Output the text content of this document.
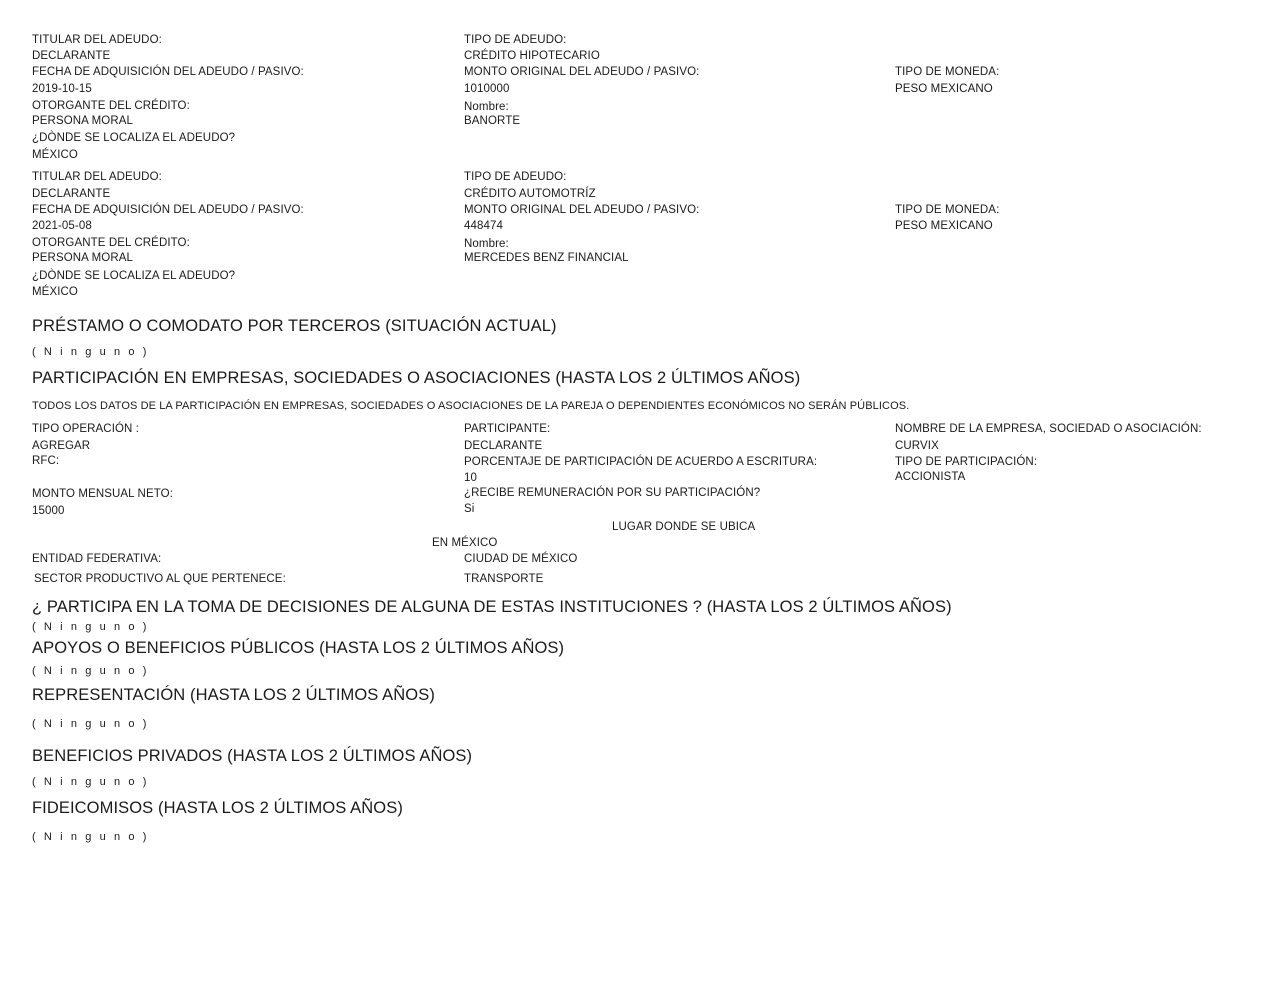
TITULAR DEL ADEUDO:
DECLARANTE
FECHA DE ADQUISICIÓN DEL ADEUDO / PASIVO:
2019-10-15
OTORGANTE DEL CRÉDITO:
PERSONA MORAL
¿DÒNDE SE LOCALIZA EL ADEUDO?
MÉXICO
TIPO DE ADEUDO:
CRÉDITO HIPOTECARIO
MONTO ORIGINAL DEL ADEUDO / PASIVO:
1010000
Nombre:
BANORTE
TIPO DE MONEDA:
PESO MEXICANO
TITULAR DEL ADEUDO:
DECLARANTE
FECHA DE ADQUISICIÓN DEL ADEUDO / PASIVO:
2021-05-08
OTORGANTE DEL CRÉDITO:
PERSONA MORAL
¿DÒNDE SE LOCALIZA EL ADEUDO?
MÉXICO
TIPO DE ADEUDO:
CRÉDITO AUTOMOTRÍZ
MONTO ORIGINAL DEL ADEUDO / PASIVO:
448474
Nombre:
MERCEDES BENZ FINANCIAL
TIPO DE MONEDA:
PESO MEXICANO
PRÉSTAMO O COMODATO POR TERCEROS (SITUACIÓN ACTUAL)
( N i n g u n o )
PARTICIPACIÓN EN EMPRESAS, SOCIEDADES O ASOCIACIONES (HASTA LOS 2 ÚLTIMOS AÑOS)
TODOS LOS DATOS DE LA PARTICIPACIÓN EN EMPRESAS, SOCIEDADES O ASOCIACIONES DE LA PAREJA O DEPENDIENTES ECONÓMICOS NO SERÁN PÚBLICOS.
TIPO OPERACIÓN :
AGREGAR
RFC:
MONTO MENSUAL NETO:
15000
PARTICIPANTE:
DECLARANTE
PORCENTAJE DE PARTICIPACIÓN DE ACUERDO A ESCRITURA:
10
¿RECIBE REMUNERACIÓN POR SU PARTICIPACIÓN?
Si
NOMBRE DE LA EMPRESA, SOCIEDAD O ASOCIACIÓN:
CURVIX
TIPO DE PARTICIPACIÓN:
ACCIONISTA
LUGAR DONDE SE UBICA
EN MÉXICO
ENTIDAD FEDERATIVA:	CIUDAD DE MÉXICO
SECTOR PRODUCTIVO AL QUE PERTENECE:	TRANSPORTE
¿ PARTICIPA EN LA TOMA DE DECISIONES DE ALGUNA DE ESTAS INSTITUCIONES ? (HASTA LOS 2 ÚLTIMOS AÑOS)
( N i n g u n o )
APOYOS O BENEFICIOS PÚBLICOS (HASTA LOS 2 ÚLTIMOS AÑOS)
( N i n g u n o )
REPRESENTACIÓN (HASTA LOS 2 ÚLTIMOS AÑOS)
( N i n g u n o )
BENEFICIOS PRIVADOS (HASTA LOS 2 ÚLTIMOS AÑOS)
( N i n g u n o )
FIDEICOMISOS (HASTA LOS 2 ÚLTIMOS AÑOS)
( N i n g u n o )
